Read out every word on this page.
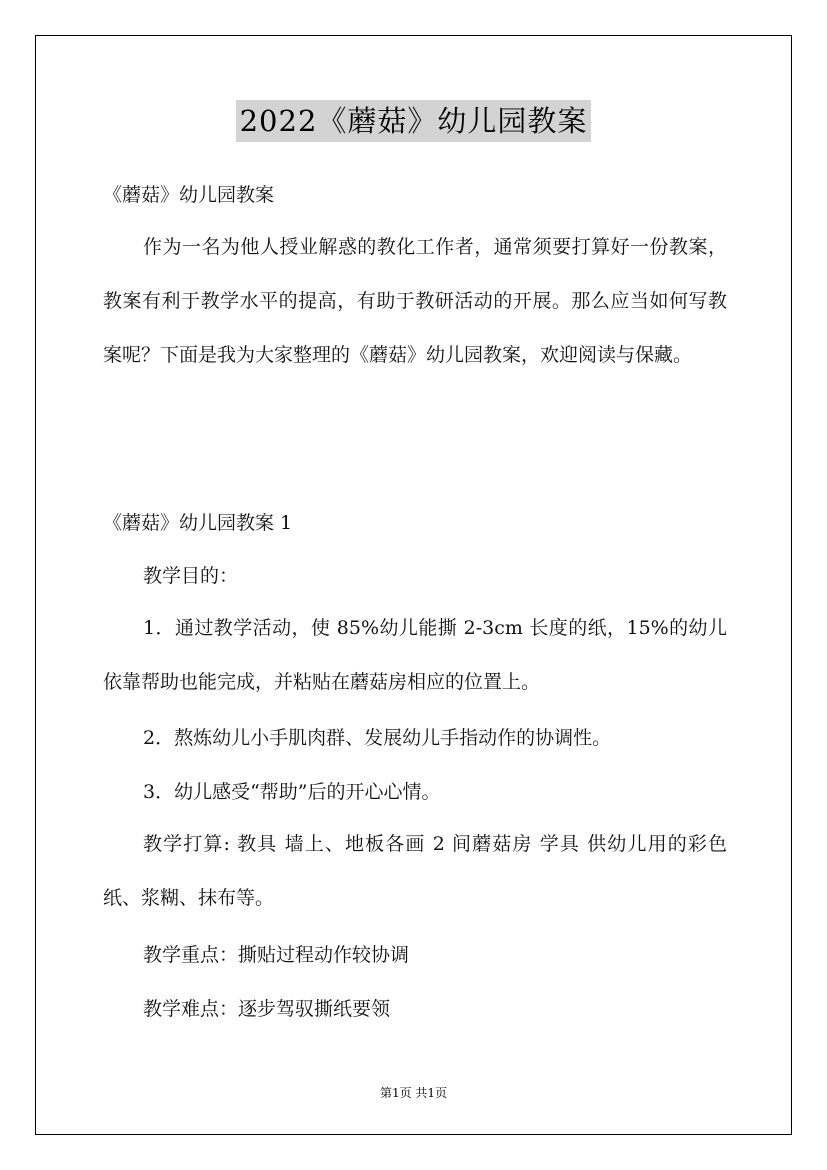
2022《蘑菇》幼儿园教案
《蘑菇》幼儿园教案
作为一名为他人授业解惑的教化工作者，通常须要打算好一份教案，教案有利于教学水平的提高，有助于教研活动的开展。那么应当如何写教案呢？下面是我为大家整理的《蘑菇》幼儿园教案，欢迎阅读与保藏。
《蘑菇》幼儿园教案 1
教学目的：
1．通过教学活动，使 85%幼儿能撕 2-3cm 长度的纸，15%的幼儿依靠帮助也能完成，并粘贴在蘑菇房相应的位置上。
2．熬炼幼儿小手肌肉群、发展幼儿手指动作的协调性。
3．幼儿感受“帮助”后的开心心情。
教学打算: 教具 墙上、地板各画 2 间蘑菇房 学具 供幼儿用的彩色纸、浆糊、抹布等。
教学重点：撕贴过程动作较协调
教学难点：逐步驾驭撕纸要领
第1页 共1页
